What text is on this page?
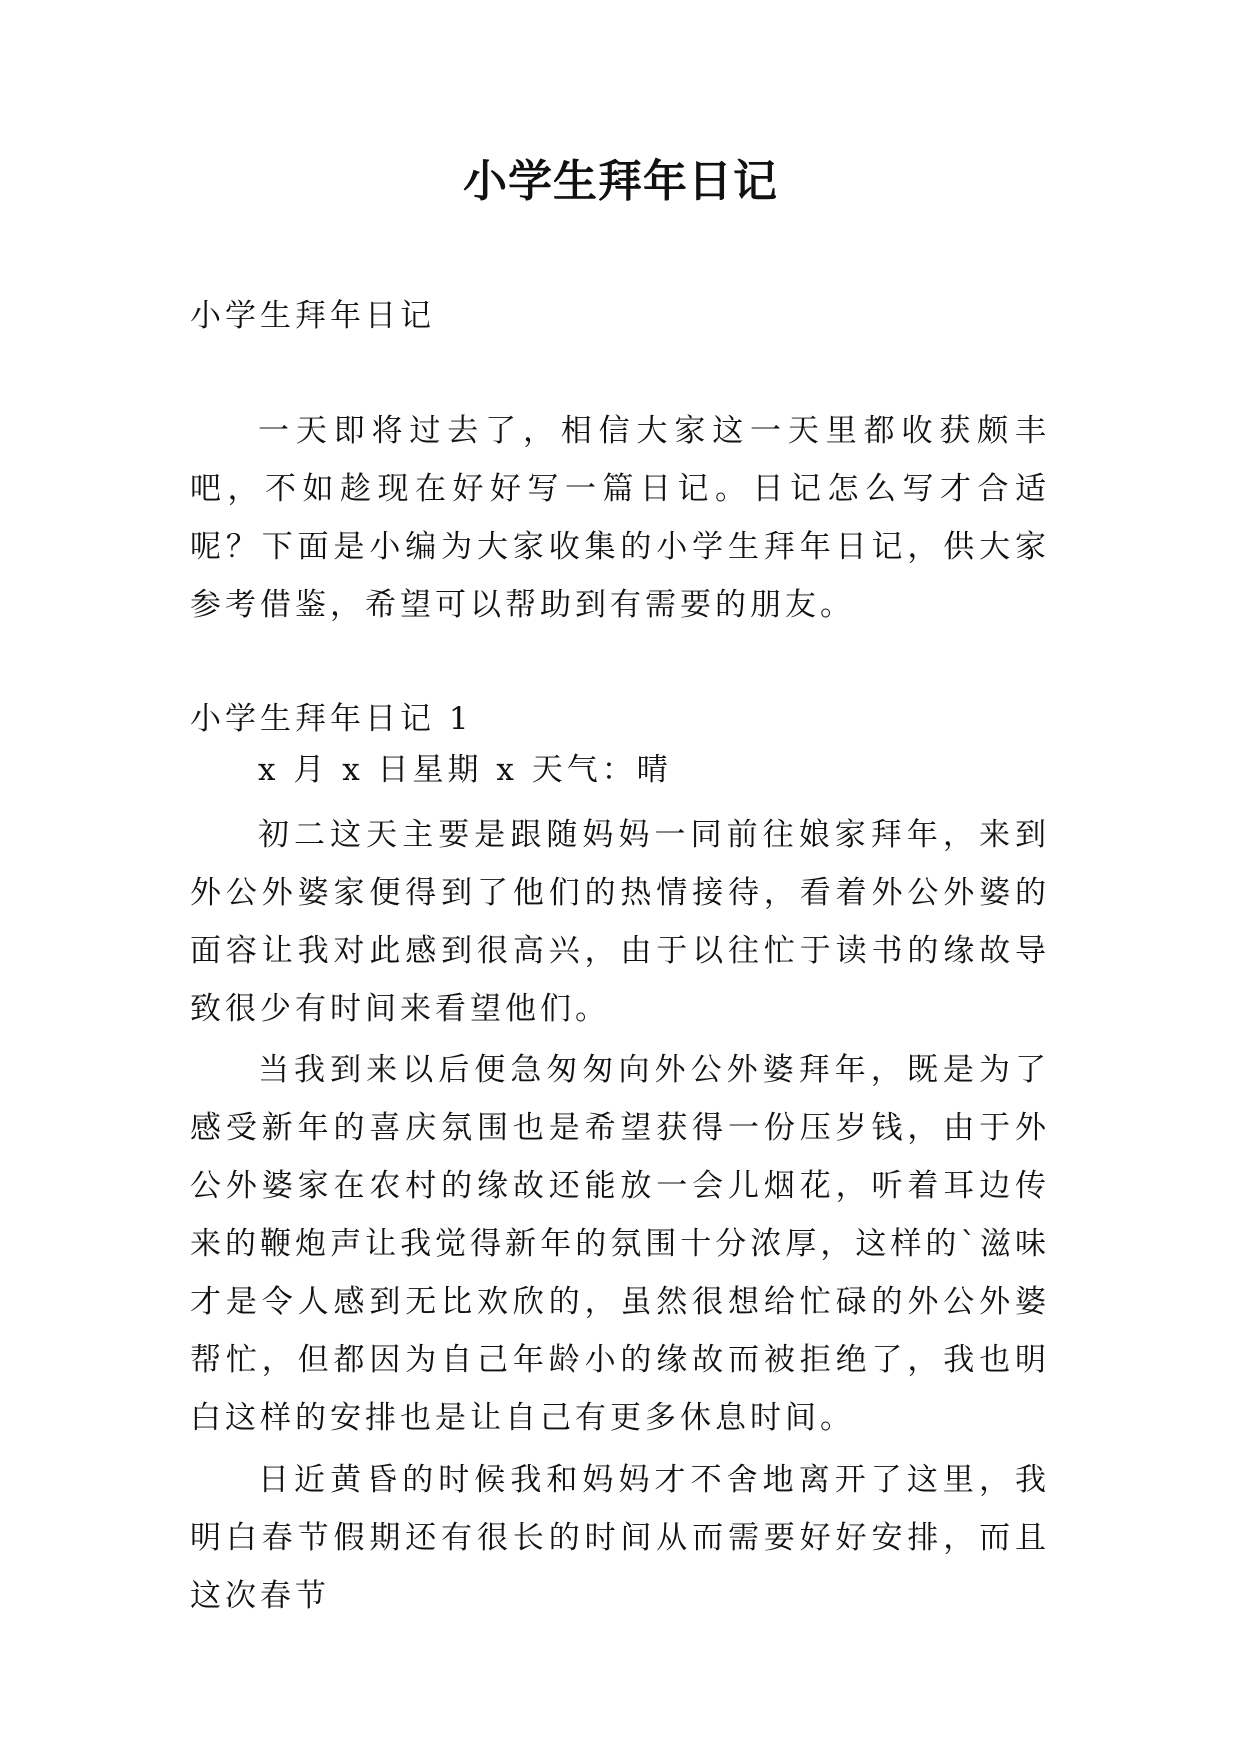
小学生拜年日记
小学生拜年日记
一天即将过去了，相信大家这一天里都收获颇丰吧，不如趁现在好好写一篇日记。日记怎么写才合适呢？下面是小编为大家收集的小学生拜年日记，供大家参考借鉴，希望可以帮助到有需要的朋友。
小学生拜年日记 1
x 月 x 日星期 x 天气：晴
初二这天主要是跟随妈妈一同前往娘家拜年，来到外公外婆家便得到了他们的热情接待，看着外公外婆的面容让我对此感到很高兴，由于以往忙于读书的缘故导致很少有时间来看望他们。
当我到来以后便急匆匆向外公外婆拜年，既是为了感受新年的喜庆氛围也是希望获得一份压岁钱，由于外公外婆家在农村的缘故还能放一会儿烟花，听着耳边传来的鞭炮声让我觉得新年的氛围十分浓厚，这样的`滋味才是令人感到无比欢欣的，虽然很想给忙碌的外公外婆帮忙，但都因为自己年龄小的缘故而被拒绝了，我也明白这样的安排也是让自己有更多休息时间。
日近黄昏的时候我和妈妈才不舍地离开了这里，我明白春节假期还有很长的时间从而需要好好安排，而且这次春节
